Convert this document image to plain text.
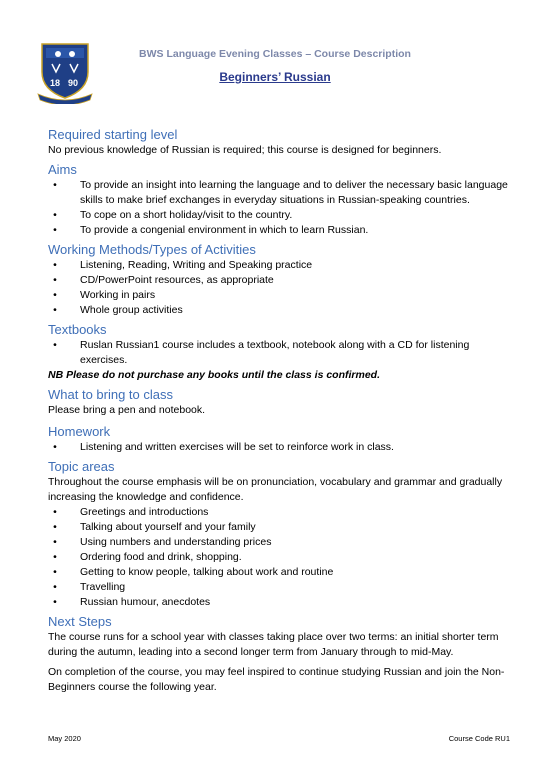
18 90
BWS Language Evening Classes – Course Description
Beginners’ Russian
Required starting level

No previous knowledge of Russian is required; this course is designed for beginners.

Aims
•	To provide an insight into learning the language and to deliver the necessary basic language skills to make brief exchanges in everyday situations in Russian-speaking countries.
•	To cope on a short holiday/visit to the country.
•	To provide a congenial environment in which to learn Russian.
Working Methods/Types of Activities
•	Listening, Reading, Writing and Speaking practice
•	CD/PowerPoint resources, as appropriate
•	Working in pairs
•	Whole group activities
Textbooks
•	Ruslan Russian1 course includes a textbook, notebook along with a CD for listening exercises.

NB Please do not purchase any books until the class is confirmed.

What to bring to class

Please bring a pen and notebook.

Homework
•	Listening and written exercises will be set to reinforce work in class.
Topic areas

Throughout the course emphasis will be on pronunciation, vocabulary and grammar and gradually increasing the knowledge and confidence.

•	Greetings and introductions
•	Talking about yourself and your family
•	Using numbers and understanding prices
•	Ordering food and drink, shopping.
•	Getting to know people, talking about work and routine
•	Travelling
•	Russian humour, anecdotes
Next Steps

The course runs for a school year with classes taking place over two terms: an initial shorter term during the autumn, leading into a second longer term from January through to mid-May.

On completion of the course, you may feel inspired to continue studying Russian and join the Non-Beginners course the following year.

May 2020	Course Code RU1
